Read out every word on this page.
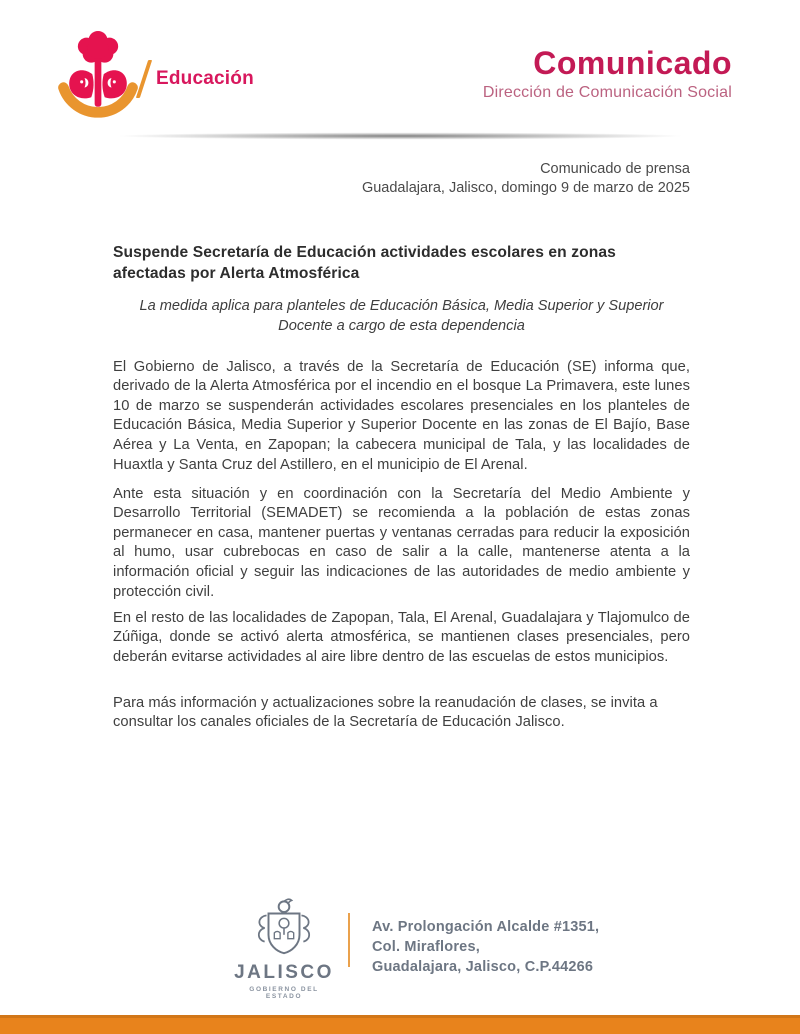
Educación	Comunicado
Dirección de Comunicación Social
Comunicado de prensa
Guadalajara, Jalisco, domingo 9 de marzo de 2025
Suspende Secretaría de Educación actividades escolares en zonas afectadas por Alerta Atmosférica
La medida aplica para planteles de Educación Básica, Media Superior y Superior Docente a cargo de esta dependencia

El Gobierno de Jalisco, a través de la Secretaría de Educación (SE) informa que, derivado de la Alerta Atmosférica por el incendio en el bosque La Primavera, este lunes 10 de marzo se suspenderán actividades escolares presenciales en los planteles de Educación Básica, Media Superior y Superior Docente en las zonas de El Bajío, Base Aérea y La Venta, en Zapopan; la cabecera municipal de Tala, y las localidades de Huaxtla y Santa Cruz del Astillero, en el municipio de El Arenal.

Ante esta situación y en coordinación con la Secretaría del Medio Ambiente y Desarrollo Territorial (SEMADET) se recomienda a la población de estas zonas permanecer en casa, mantener puertas y ventanas cerradas para reducir la exposición al humo, usar cubrebocas en caso de salir a la calle, mantenerse atenta a la información oficial y seguir las indicaciones de las autoridades de medio ambiente y protección civil.

En el resto de las localidades de Zapopan, Tala, El Arenal, Guadalajara y Tlajomulco de Zúñiga, donde se activó alerta atmosférica, se mantienen clases presenciales, pero deberán evitarse actividades al aire libre dentro de las escuelas de estos municipios.

Para más información y actualizaciones sobre la reanudación de clases, se invita a consultar los canales oficiales de la Secretaría de Educación Jalisco.

JALISCO
GOBIERNO DEL ESTADO
Av. Prolongación Alcalde #1351,
Col. Miraflores,
Guadalajara, Jalisco, C.P.44266
